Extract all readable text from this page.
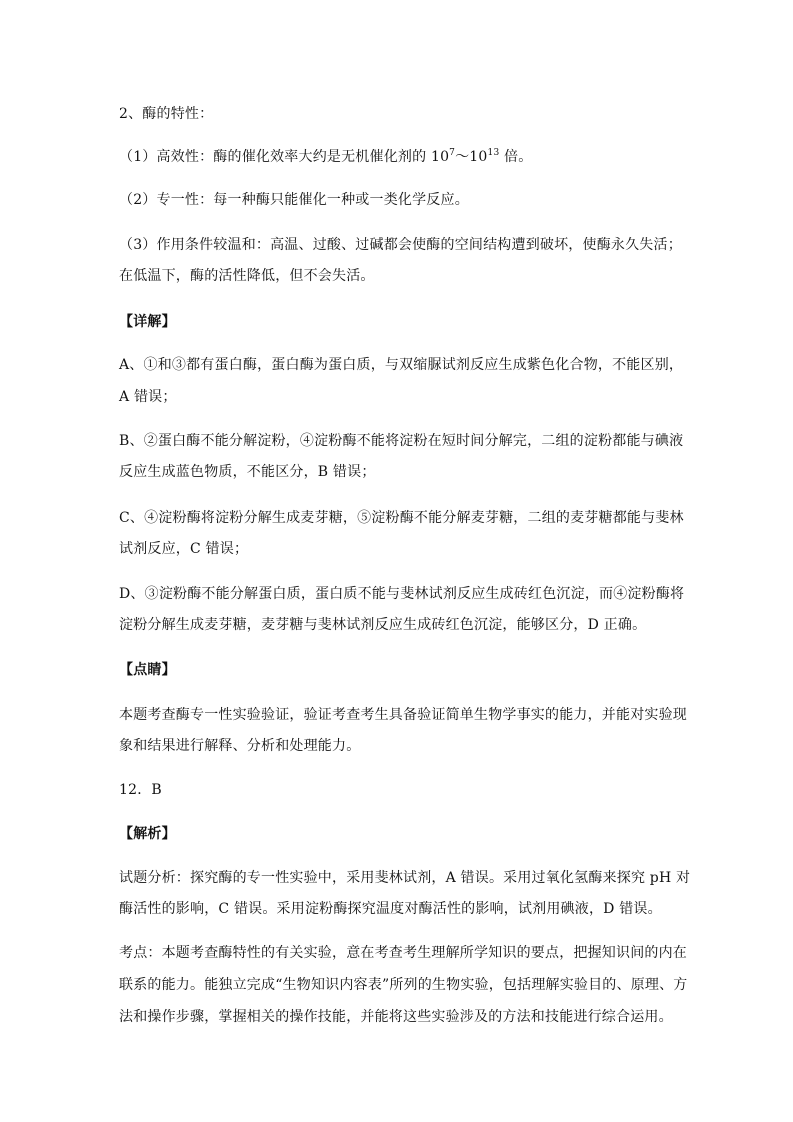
2、酶的特性：
（1）高效性：酶的催化效率大约是无机催化剂的 $10^7\sim 10^{13}$ 倍。
（2）专一性：每一种酶只能催化一种或一类化学反应。
（3）作用条件较温和：高温、过酸、过碱都会使酶的空间结构遭到破坏，使酶永久失活；
在低温下，酶的活性降低，但不会失活。
【详解】
A、①和③都有蛋白酶，蛋白酶为蛋白质，与双缩脲试剂反应生成紫色化合物，不能区别，
A 错误；
B、②蛋白酶不能分解淀粉，④淀粉酶不能将淀粉在短时间分解完，二组的淀粉都能与碘液
反应生成蓝色物质，不能区分，B 错误；
C、④淀粉酶将淀粉分解生成麦芽糖，⑤淀粉酶不能分解麦芽糖，二组的麦芽糖都能与斐林
试剂反应，C 错误；
D、③淀粉酶不能分解蛋白质，蛋白质不能与斐林试剂反应生成砖红色沉淀，而④淀粉酶将
淀粉分解生成麦芽糖，麦芽糖与斐林试剂反应生成砖红色沉淀，能够区分，D 正确。
【点睛】
本题考查酶专一性实验验证，验证考查考生具备验证简单生物学事实的能力，并能对实验现
象和结果进行解释、分析和处理能力。
12．B
【解析】
试题分析：探究酶的专一性实验中，采用斐林试剂，A 错误。采用过氧化氢酶来探究 pH 对
酶活性的影响，C 错误。采用淀粉酶探究温度对酶活性的影响，试剂用碘液，D 错误。
考点：本题考查酶特性的有关实验，意在考查考生理解所学知识的要点，把握知识间的内在
联系的能力。能独立完成“生物知识内容表”所列的生物实验，包括理解实验目的、原理、方
法和操作步骤，掌握相关的操作技能，并能将这些实验涉及的方法和技能进行综合运用。
